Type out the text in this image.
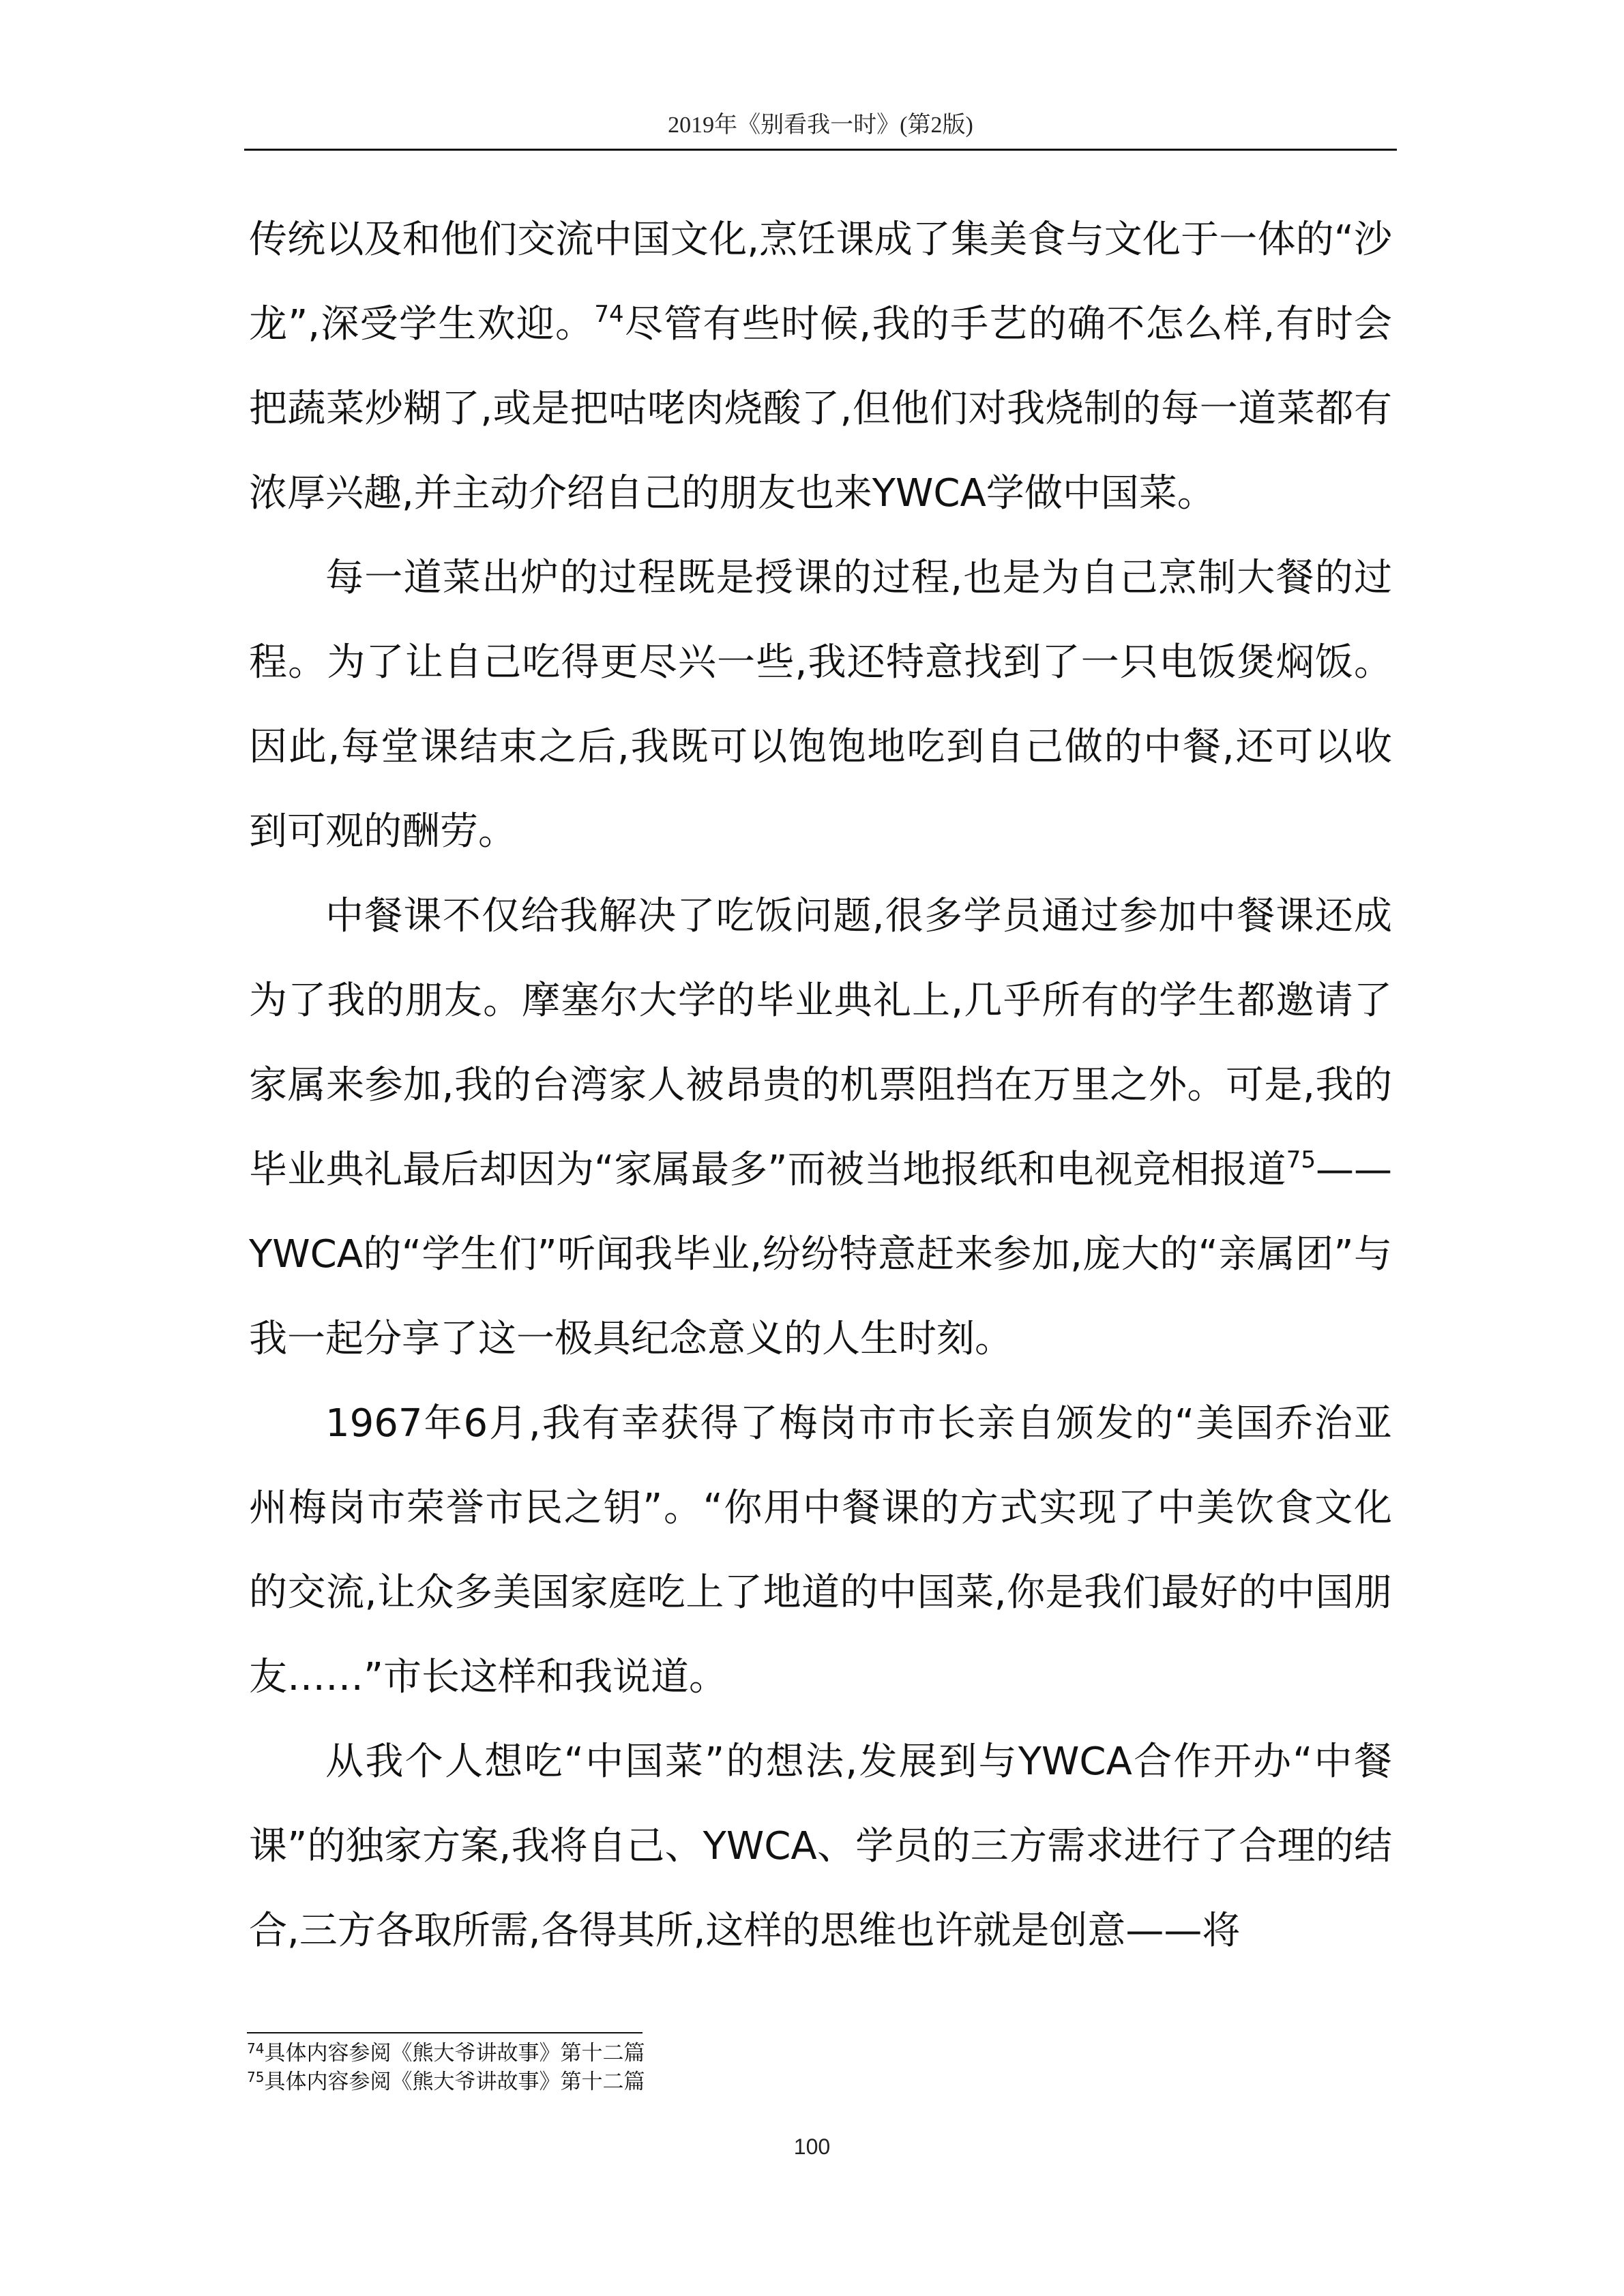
2019年《别看我一时》(第2版)

传统以及和他们交流中国文化,烹饪课成了集美食与文化于一体的“沙龙”,深受学生欢迎。$^{74}$尽管有些时候,我的手艺的确不怎么样,有时会把蔬菜炒糊了,或是把咕咾肉烧酸了,但他们对我烧制的每一道菜都有浓厚兴趣,并主动介绍自己的朋友也来YWCA学做中国菜。

每一道菜出炉的过程既是授课的过程,也是为自己烹制大餐的过程。为了让自己吃得更尽兴一些,我还特意找到了一只电饭煲焖饭。因此,每堂课结束之后,我既可以饱饱地吃到自己做的中餐,还可以收到可观的酬劳。

中餐课不仅给我解决了吃饭问题,很多学员通过参加中餐课还成为了我的朋友。摩塞尔大学的毕业典礼上,几乎所有的学生都邀请了家属来参加,我的台湾家人被昂贵的机票阻挡在万里之外。可是,我的毕业典礼最后却因为“家属最多”而被当地报纸和电视竞相报道$^{75}$——YWCA的“学生们”听闻我毕业,纷纷特意赶来参加,庞大的“亲属团”与我一起分享了这一极具纪念意义的人生时刻。

1967年6月,我有幸获得了梅岗市市长亲自颁发的“美国乔治亚州梅岗市荣誉市民之钥”。“你用中餐课的方式实现了中美饮食文化的交流,让众多美国家庭吃上了地道的中国菜,你是我们最好的中国朋友……”市长这样和我说道。

从我个人想吃“中国菜”的想法,发展到与YWCA合作开办“中餐课”的独家方案,我将自己、YWCA、学员的三方需求进行了合理的结合,三方各取所需,各得其所,这样的思维也许就是创意——将

$^{74}$具体内容参阅《熊大爷讲故事》第十二篇
$^{75}$具体内容参阅《熊大爷讲故事》第十二篇
100
